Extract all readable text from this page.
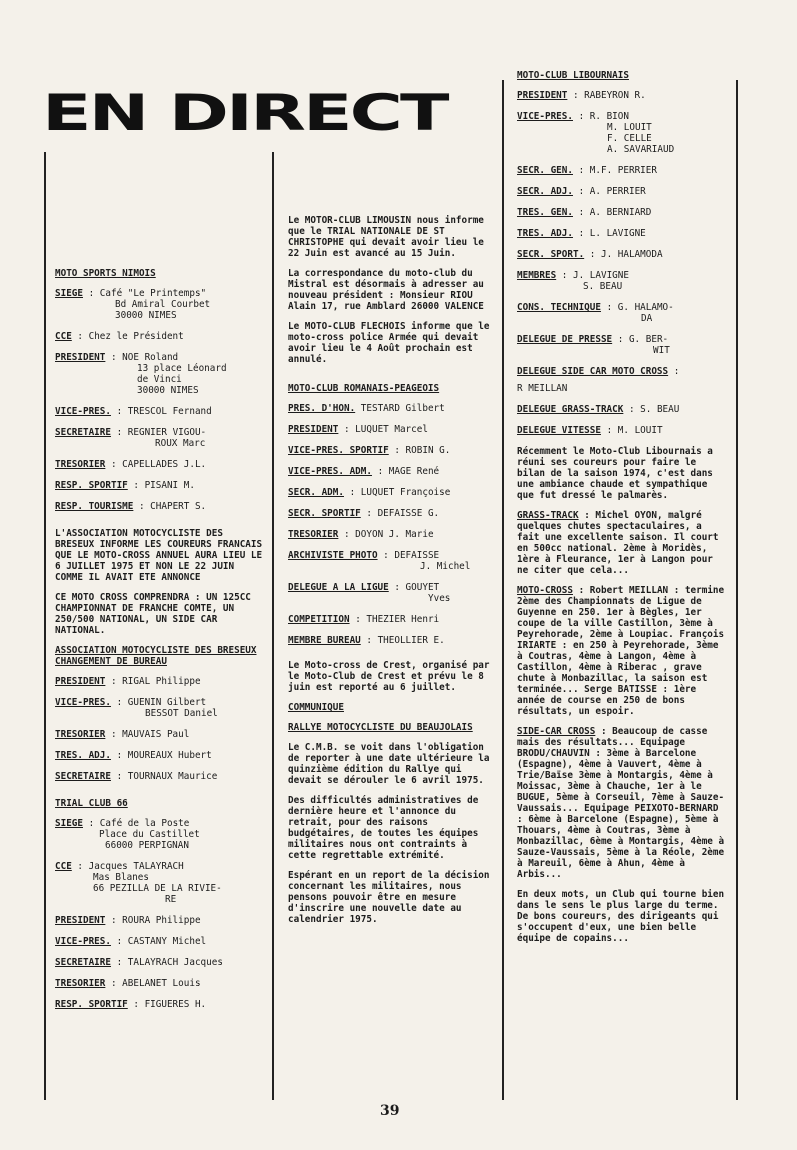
EN DIRECT

MOTO SPORTS NIMOIS

SIEGE : Café "Le Printemps"
Bd Amiral Courbet
30000 NIMES
CCE : Chez le Président
PRESIDENT : NOE Roland
13 place Léonard
de Vinci
30000 NIMES
VICE-PRES. : TRESCOL Fernand
SECRETAIRE : REGNIER VIGOU-
ROUX Marc
TRESORIER : CAPELLADES J.L.
RESP. SPORTIF : PISANI M.
RESP. TOURISME : CHAPERT S.

L'ASSOCIATION MOTOCYCLISTE DES BRESEUX INFORME LES COUREURS FRANCAIS QUE LE MOTO-CROSS ANNUEL AURA LIEU LE 6 JUILLET 1975 ET NON LE 22 JUIN COMME IL AVAIT ETE ANNONCE

CE MOTO CROSS COMPRENDRA : UN 125CC CHAMPIONNAT DE FRANCHE COMTE, UN 250/500 NATIONAL, UN SIDE CAR NATIONAL.

ASSOCIATION MOTOCYCLISTE DES BRESEUX

CHANGEMENT DE BUREAU

PRESIDENT : RIGAL Philippe
VICE-PRES. : GUENIN Gilbert
BESSOT Daniel
TRESORIER : MAUVAIS Paul
TRES. ADJ. : MOUREAUX Hubert
SECRETAIRE : TOURNAUX Maurice

TRIAL CLUB 66

SIEGE : Café de la Poste
Place du Castillet
66000 PERPIGNAN
CCE : Jacques TALAYRACH
Mas Blanes
66 PEZILLA DE LA RIVIE-
RE
PRESIDENT : ROURA Philippe
VICE-PRES. : CASTANY Michel
SECRETAIRE : TALAYRACH Jacques
TRESORIER : ABELANET Louis
RESP. SPORTIF : FIGUERES H.

Le MOTOR-CLUB LIMOUSIN nous informe que le TRIAL NATIONALE DE ST CHRISTOPHE qui devait avoir lieu le 22 Juin est avancé au 15 Juin.

La correspondance du moto-club du Mistral est désormais à adresser au nouveau président : Monsieur RIOU Alain 17, rue Amblard 26000 VALENCE

Le MOTO-CLUB FLECHOIS informe que le moto-cross police Armée qui devait avoir lieu le 4 Août prochain est annulé.

MOTO-CLUB ROMANAIS-PEAGEOIS

PRES. D'HON. TESTARD Gilbert
PRESIDENT : LUQUET Marcel
VICE-PRES. SPORTIF : ROBIN G.
VICE-PRES. ADM. : MAGE René
SECR. ADM. : LUQUET Françoise
SECR. SPORTIF : DEFAISSE G.
TRESORIER : DOYON J. Marie
ARCHIVISTE PHOTO : DEFAISSE
J. Michel
DELEGUE A LA LIGUE : GOUYET
Yves
COMPETITION : THEZIER Henri
MEMBRE BUREAU : THEOLLIER E.

Le Moto-cross de Crest, organisé par le Moto-Club de Crest et prévu le 8 juin est reporté au 6 juillet.

COMMUNIQUE

RALLYE MOTOCYCLISTE DU BEAUJOLAIS

Le C.M.B. se voit dans l'obligation de reporter à une date ultérieure la quinzième édition du Rallye qui devait se dérouler le 6 avril 1975.

Des difficultés administratives de dernière heure et l'annonce du retrait, pour des raisons budgétaires, de toutes les équipes militaires nous ont contraints à cette regrettable extrémité.

Espérant en un report de la décision concernant les militaires, nous pensons pouvoir être en mesure d'inscrire une nouvelle date au calendrier 1975.

MOTO-CLUB LIBOURNAIS

PRESIDENT : RABEYRON R.
VICE-PRES. : R. BION
M. LOUIT
F. CELLE
A. SAVARIAUD
SECR. GEN. : M.F. PERRIER
SECR. ADJ. : A. PERRIER
TRES. GEN. : A. BERNIARD
TRES. ADJ. : L. LAVIGNE
SECR. SPORT. : J. HALAMODA
MEMBRES : J. LAVIGNE
S. BEAU
CONS. TECHNIQUE : G. HALAMO-
DA
DELEGUE DE PRESSE : G. BER-
WIT
DELEGUE SIDE CAR MOTO CROSS :
R MEILLAN
DELEGUE GRASS-TRACK : S. BEAU
DELEGUE VITESSE : M. LOUIT

Récemment le Moto-Club Libournais a réuni ses coureurs pour faire le bilan de la saison 1974, c'est dans une ambiance chaude et sympathique que fut dressé le palmarès.

GRASS-TRACK : Michel OYON, malgré quelques chutes spectaculaires, a fait une excellente saison. Il court en 500cc national. 2ème à Moridès, 1ère à Fleurance, 1er à Langon pour ne citer que cela...

MOTO-CROSS : Robert MEILLAN : termine 2ème des Championnats de Ligue de Guyenne en 250. 1er à Bègles, 1er coupe de la ville Castillon, 3ème à Peyrehorade, 2ème à Loupiac. François IRIARTE : en 250 à Peyrehorade, 3ème à Coutras, 4ème à Langon, 4ème à Castillon, 4ème à Riberac , grave chute à Monbazillac, la saison est terminée... Serge BATISSE : 1ère année de course en 250 de bons résultats, un espoir.

SIDE-CAR CROSS : Beaucoup de casse mais des résultats... Equipage BRODU/CHAUVIN : 3ème à Barcelone (Espagne), 4ème à Vauvert, 4ème à Trie/Baïse 3ème à Montargis, 4ème à Moissac, 3ème à Chauche, 1er à le BUGUE, 5ème à Corseuil, 7ème à Sauze-Vaussais... Equipage PEIXOTO-BERNARD : 6ème à Barcelone (Espagne), 5ème à Thouars, 4ème à Coutras, 3ème à Monbazillac, 6ème à Montargis, 4ème à Sauze-Vaussais, 5ème à la Réole, 2ème à Mareuil, 6ème à Ahun, 4ème à Arbis...

En deux mots, un Club qui tourne bien dans le sens le plus large du terme. De bons coureurs, des dirigeants qui s'occupent d'eux, une bien belle équipe de copains...

39
